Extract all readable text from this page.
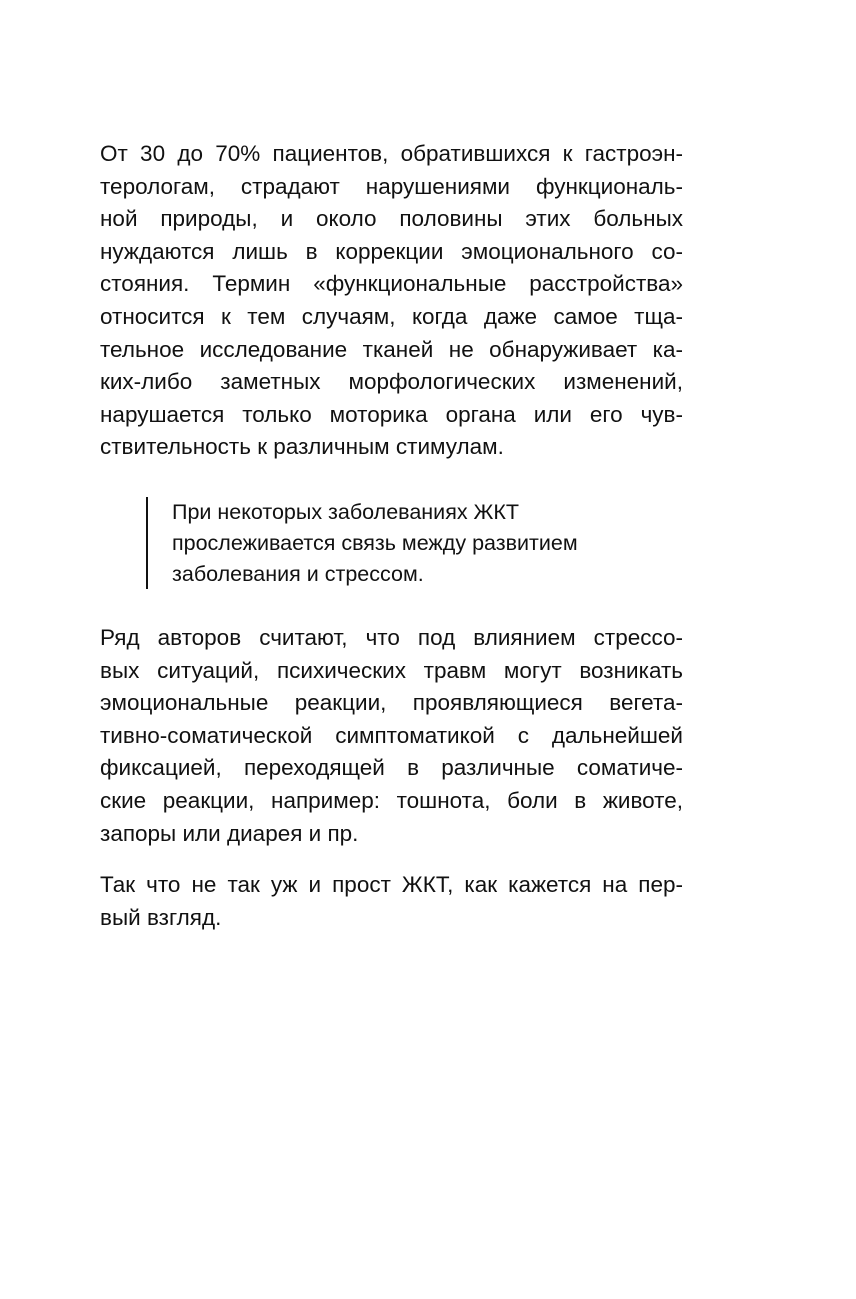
От 30 до 70% пациентов, обратившихся к гастроэн-
терологам, страдают нарушениями функциональ-
ной природы, и около половины этих больных
нуждаются лишь в коррекции эмоционального со-
стояния. Термин «функциональные расстройства»
относится к тем случаям, когда даже самое тща-
тельное исследование тканей не обнаруживает ка-
ких-либо заметных морфологических изменений,
нарушается только моторика органа или его чув-
ствительность к различным стимулам.

При некоторых заболеваниях ЖКТ
прослеживается связь между развитием
заболевания и стрессом.

Ряд авторов считают, что под влиянием стрессо-
вых ситуаций, психических травм могут возникать
эмоциональные реакции, проявляющиеся вегета-
тивно-соматической симптоматикой с дальнейшей
фиксацией, переходящей в различные соматиче-
ские реакции, например: тошнота, боли в животе,
запоры или диарея и пр.

Так что не так уж и прост ЖКТ, как кажется на пер-
вый взгляд.
